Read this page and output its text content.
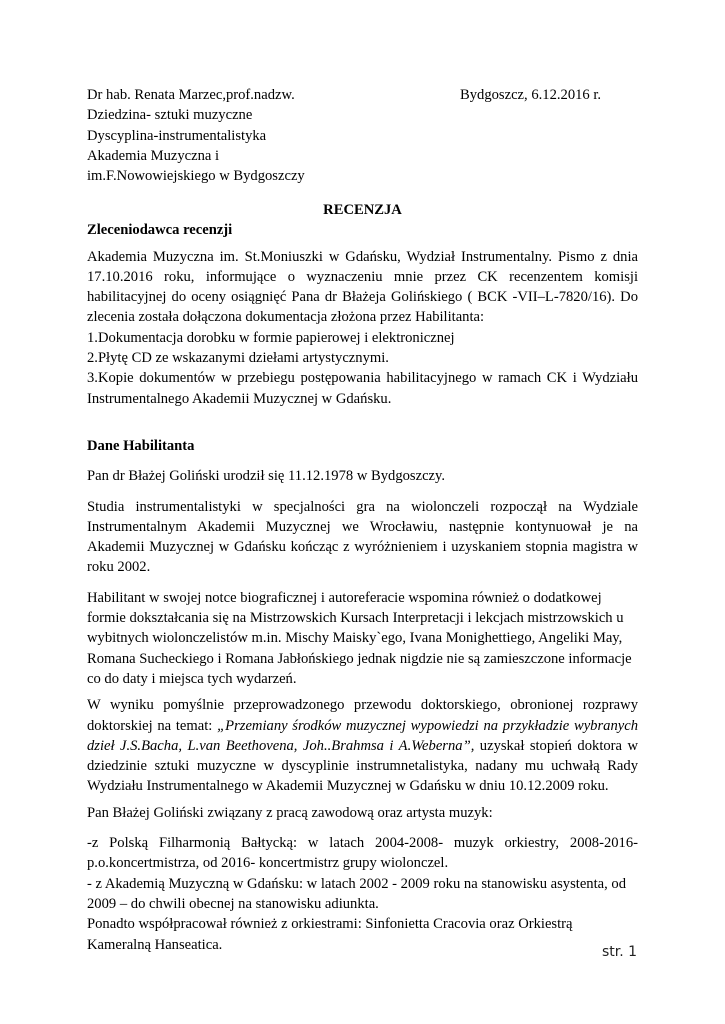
Dr hab. Renata Marzec,prof.nadzw.
Dziedzina- sztuki muzyczne
Dyscyplina-instrumentalistyka
Akademia Muzyczna i
im.F.Nowowiejskiego w Bydgoszczy
Bydgoszcz, 6.12.2016 r.

RECENZJA

Zleceniodawca recenzji

Akademia Muzyczna im. St.Moniuszki w Gdańsku, Wydział Instrumentalny. Pismo z dnia 17.10.2016 roku, informujące o wyznaczeniu mnie przez CK recenzentem komisji habilitacyjnej do oceny osiągnięć Pana dr Błażeja Golińskiego ( BCK -VII–L-7820/16). Do zlecenia została dołączona dokumentacja złożona przez Habilitanta:

1.Dokumentacja dorobku w formie papierowej i elektronicznej

2.Płytę CD ze wskazanymi dziełami artystycznymi.

3.Kopie dokumentów w przebiegu postępowania habilitacyjnego w ramach CK i Wydziału Instrumentalnego Akademii Muzycznej w Gdańsku.

Dane Habilitanta

Pan dr Błażej Goliński urodził się 11.12.1978 w Bydgoszczy.

Studia instrumentalistyki w specjalności gra na wiolonczeli rozpoczął na Wydziale Instrumentalnym Akademii Muzycznej we Wrocławiu, następnie kontynuował je na Akademii Muzycznej w Gdańsku kończąc z wyróżnieniem i uzyskaniem stopnia magistra w roku 2002.

Habilitant w swojej notce biograficznej i autoreferacie wspomina również o dodatkowej formie dokształcania się na Mistrzowskich Kursach Interpretacji i lekcjach mistrzowskich u wybitnych wiolonczelistów m.in. Mischy Maisky`ego, Ivana Monighettiego, Angeliki May, Romana Sucheckiego i Romana Jabłońskiego jednak nigdzie nie są zamieszczone informacje co do daty i miejsca tych wydarzeń.

W wyniku pomyślnie przeprowadzonego przewodu doktorskiego, obronionej rozprawy doktorskiej na temat: „Przemiany środków muzycznej wypowiedzi na przykładzie wybranych dzieł J.S.Bacha, L.van Beethovena, Joh..Brahmsa i A.Weberna”, uzyskał stopień doktora w dziedzinie sztuki muzyczne w dyscyplinie instrumnetalistyka, nadany mu uchwałą Rady Wydziału Instrumentalnego w Akademii Muzycznej w Gdańsku w dniu 10.12.2009 roku.

Pan Błażej Goliński związany z pracą zawodową oraz artysta muzyk:

-z Polską Filharmonią Bałtycką: w latach 2004-2008- muzyk orkiestry, 2008-2016- p.o.koncertmistrza, od 2016- koncertmistrz grupy wiolonczel.

- z Akademią Muzyczną w Gdańsku: w latach 2002 - 2009 roku na stanowisku asystenta, od 2009 – do chwili obecnej na stanowisku adiunkta.

Ponadto współpracował również z orkiestrami: Sinfonietta Cracovia oraz Orkiestrą Kameralną Hanseatica.	str. 1
